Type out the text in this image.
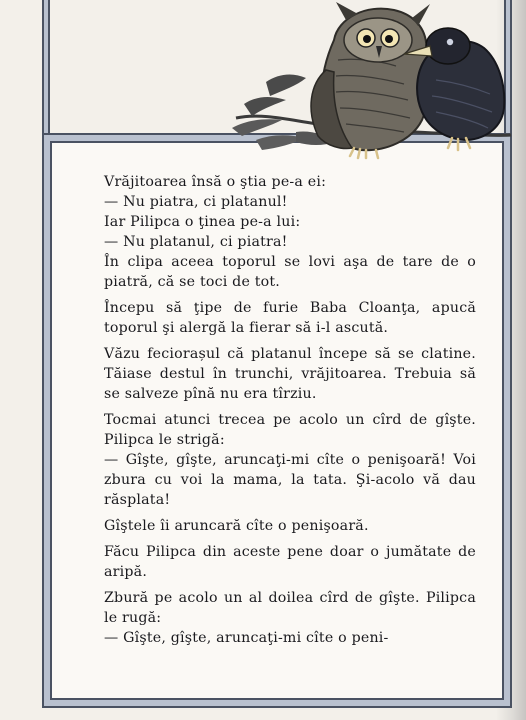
Vrăjitoarea însă o ştia pe-a ei:

— Nu piatra, ci platanul!

Iar Pilipca o ţinea pe-a lui:

— Nu platanul, ci piatra!

În clipa aceea toporul se lovi aşa de tare de o piatră, că se toci de tot.

Începu să ţipe de furie Baba Cloanţa, apucă toporul şi alergă la fierar să i-l ascută.

Văzu feciorașul că platanul începe să se clatine. Tăiase destul în trunchi, vrăjitoarea. Trebuia să se salveze pînă nu era tîrziu.

Tocmai atunci trecea pe acolo un cîrd de gîşte. Pilipca le strigă:

— Gîşte, gîşte, aruncaţi-mi cîte o penişoară! Voi zbura cu voi la mama, la tata. Şi-acolo vă dau răsplata!

Gîştele îi aruncară cîte o penişoară.

Făcu Pilipca din aceste pene doar o jumătate de aripă.

Zbură pe acolo un al doilea cîrd de gîşte. Pilipca le rugă:

— Gîşte, gîşte, aruncaţi-mi cîte o peni-
